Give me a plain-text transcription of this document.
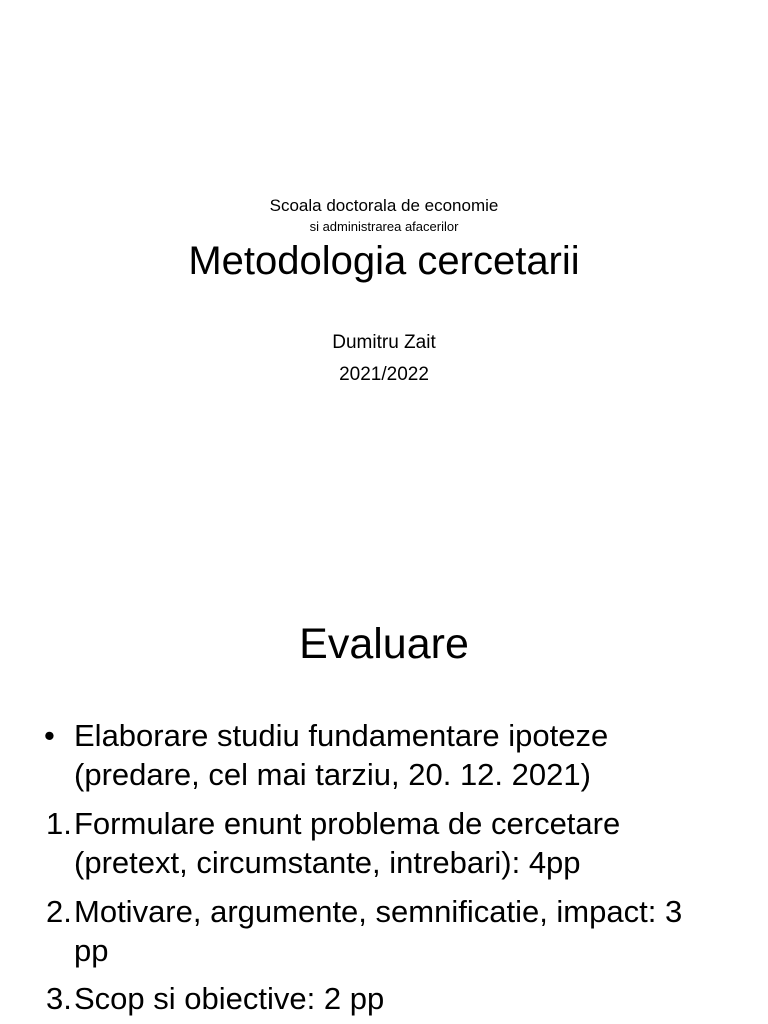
Scoala doctorala de economie
si administrarea afacerilor
Metodologia cercetarii
Dumitru Zait
2021/2022
Evaluare
• Elaborare studiu fundamentare ipoteze
(predare, cel mai tarziu, 20. 12. 2021)
1. Formulare enunt problema de cercetare
(pretext, circumstante, intrebari): 4pp
2. Motivare, argumente, semnificatie, impact: 3
pp
3. Scop si obiective: 2 pp
